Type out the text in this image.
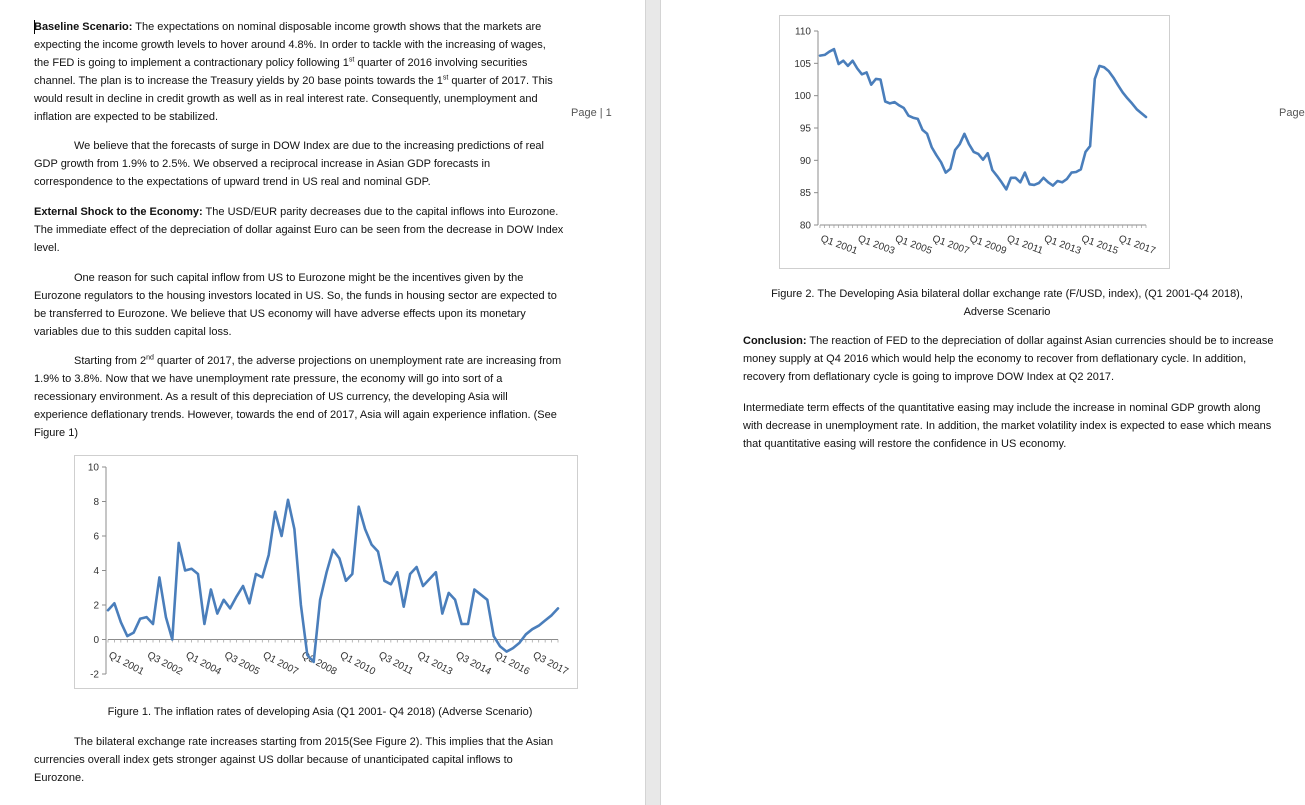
Baseline Scenario: The expectations on nominal disposable income growth shows that the markets are expecting the income growth levels to hover around 4.8%. In order to tackle with the increasing of wages, the FED is going to implement a contractionary policy following 1st quarter of 2016 involving securities channel. The plan is to increase the Treasury yields by 20 base points towards the 1st quarter of 2017. This would result in decline in credit growth as well as in real interest rate. Consequently, unemployment and inflation are expected to be stabilized.

We believe that the forecasts of surge in DOW Index are due to the increasing predictions of real GDP growth from 1.9% to 2.5%. We observed a reciprocal increase in Asian GDP forecasts in correspondence to the expectations of upward trend in US real and nominal GDP.

External Shock to the Economy: The USD/EUR parity decreases due to the capital inflows into Eurozone. The immediate effect of the depreciation of dollar against Euro can be seen from the decrease in DOW Index level.

One reason for such capital inflow from US to Eurozone might be the incentives given by the Eurozone regulators to the housing investors located in US. So, the funds in housing sector are expected to be transferred to Eurozone. We believe that US economy will have adverse effects upon its monetary variables due to this sudden capital loss.

Starting from 2nd quarter of 2017, the adverse projections on unemployment rate are increasing from 1.9% to 3.8%. Now that we have unemployment rate pressure, the economy will go into sort of a recessionary environment. As a result of this depreciation of US currency, the developing Asia will experience deflationary trends. However, towards the end of 2017, Asia will again experience inflation. (See Figure 1)

10
8
6
4
2
0
-2 Q1 2001 Q3 2002 Q1 2004 Q3 2005 Q1 2007 Q3 2008 Q1 2010 Q3 2011 Q1 2013 Q3 2014 Q1 2016 Q3 2017
Figure 1. The inflation rates of developing Asia (Q1 2001- Q4 2018) (Adverse Scenario)

The bilateral exchange rate increases starting from 2015(See Figure 2). This implies that the Asian currencies overall index gets stronger against US dollar because of unanticipated capital inflows to Eurozone.

Page | 1
110
105
100
95
90
85
80
Q1 2001
Q1 2003
Q1 2005
Q1 2007
Q1 2009
Q1 2011
Q1 2013
Q1 2015
Q1 2017
Figure 2. The Developing Asia bilateral dollar exchange rate (F/USD, index), (Q1 2001-Q4 2018),
Adverse Scenario

Conclusion: The reaction of FED to the depreciation of dollar against Asian currencies should be to increase money supply at Q4 2016 which would help the economy to recover from deflationary cycle. In addition, recovery from deflationary cycle is going to improve DOW Index at Q2 2017.

Intermediate term effects of the quantitative easing may include the increase in nominal GDP growth along with decrease in unemployment rate. In addition, the market volatility index is expected to ease which means that quantitative easing will restore the confidence in US economy.

Page
